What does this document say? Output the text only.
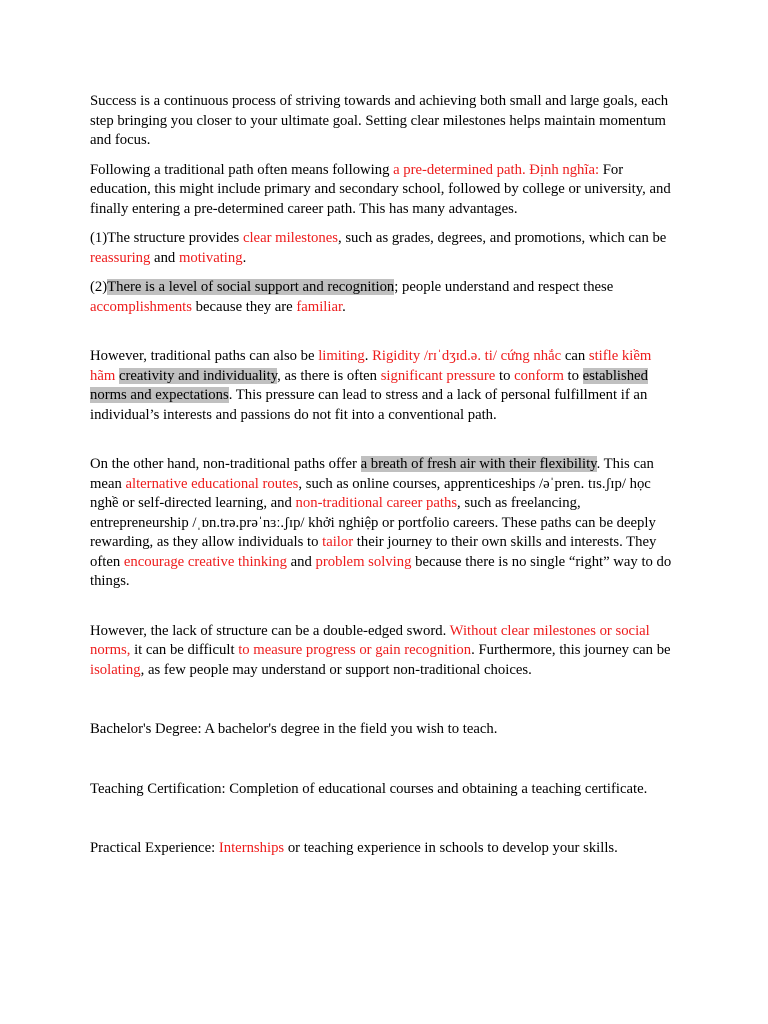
Success is a continuous process of striving towards and achieving both small and large goals, each step bringing you closer to your ultimate goal. Setting clear milestones helps maintain momentum and focus.

Following a traditional path often means following a pre-determined path. Định nghĩa: For education, this might include primary and secondary school, followed by college or university, and finally entering a pre-determined career path. This has many advantages.

(1)The structure provides clear milestones, such as grades, degrees, and promotions, which can be reassuring and motivating.

(2)There is a level of social support and recognition; people understand and respect these accomplishments because they are familiar.

However, traditional paths can also be limiting. Rigidity /rɪˈdʒɪd.ə. ti/ cứng nhắc can stifle kiềm hãm creativity and individuality, as there is often significant pressure to conform to established norms and expectations. This pressure can lead to stress and a lack of personal fulfillment if an individual’s interests and passions do not fit into a conventional path.

On the other hand, non-traditional paths offer a breath of fresh air with their flexibility. This can mean alternative educational routes, such as online courses, apprenticeships /əˈpren. tɪs.ʃɪp/ học nghề or self-directed learning, and non-traditional career paths, such as freelancing, entrepreneurship /ˌɒn.trə.prəˈnɜː.ʃɪp/ khởi nghiệp or portfolio careers. These paths can be deeply rewarding, as they allow individuals to tailor their journey to their own skills and interests. They often encourage creative thinking and problem solving because there is no single “right” way to do things.

However, the lack of structure can be a double-edged sword. Without clear milestones or social norms, it can be difficult to measure progress or gain recognition. Furthermore, this journey can be isolating, as few people may understand or support non-traditional choices.

Bachelor's Degree: A bachelor's degree in the field you wish to teach.

Teaching Certification: Completion of educational courses and obtaining a teaching certificate.

Practical Experience: Internships or teaching experience in schools to develop your skills.
